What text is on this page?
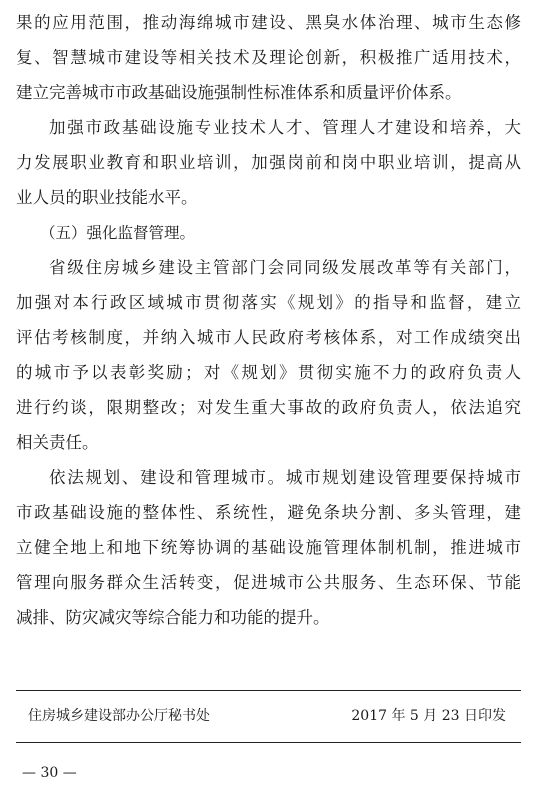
果的应用范围，推动海绵城市建设、黑臭水体治理、城市生态修
复、智慧城市建设等相关技术及理论创新，积极推广适用技术，
建立完善城市市政基础设施强制性标准体系和质量评价体系。
加强市政基础设施专业技术人才、管理人才建设和培养，大
力发展职业教育和职业培训，加强岗前和岗中职业培训，提高从
业人员的职业技能水平。
（五）强化监督管理。
省级住房城乡建设主管部门会同同级发展改革等有关部门，
加强对本行政区域城市贯彻落实《规划》的指导和监督，建立
评估考核制度，并纳入城市人民政府考核体系，对工作成绩突出
的城市予以表彰奖励；对《规划》贯彻实施不力的政府负责人
进行约谈，限期整改；对发生重大事故的政府负责人，依法追究
相关责任。
依法规划、建设和管理城市。城市规划建设管理要保持城市
市政基础设施的整体性、系统性，避免条块分割、多头管理，建
立健全地上和地下统筹协调的基础设施管理体制机制，推进城市
管理向服务群众生活转变，促进城市公共服务、生态环保、节能
减排、防灾减灾等综合能力和功能的提升。
住房城乡建设部办公厅秘书处	2017 年 5 月 23 日印发
— 30 —
